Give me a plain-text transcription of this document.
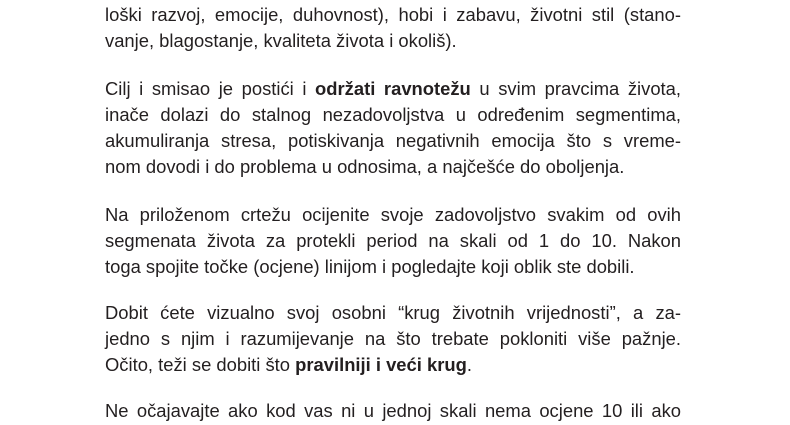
loški razvoj, emocije, duhovnost), hobi i zabavu, životni stil (stano-
vanje, blagostanje, kvaliteta života i okoliš).

Cilj i smisao je postići i održati ravnotežu u svim pravcima života,
inače dolazi do stalnog nezadovoljstva u određenim segmentima,
akumuliranja stresa, potiskivanja negativnih emocija što s vreme-
nom dovodi i do problema u odnosima, a najčešće do oboljenja.

Na priloženom crtežu ocijenite svoje zadovoljstvo svakim od ovih
segmenata života za protekli period na skali od 1 do 10. Nakon
toga spojite točke (ocjene) linijom i pogledajte koji oblik ste dobili.

Dobit ćete vizualno svoj osobni “krug životnih vrijednosti”, a za-
jedno s njim i razumijevanje na što trebate pokloniti više pažnje.
Očito, teži se dobiti što pravilniji i veći krug.

Ne očajavajte ako kod vas ni u jednoj skali nema ocjene 10 ili ako
